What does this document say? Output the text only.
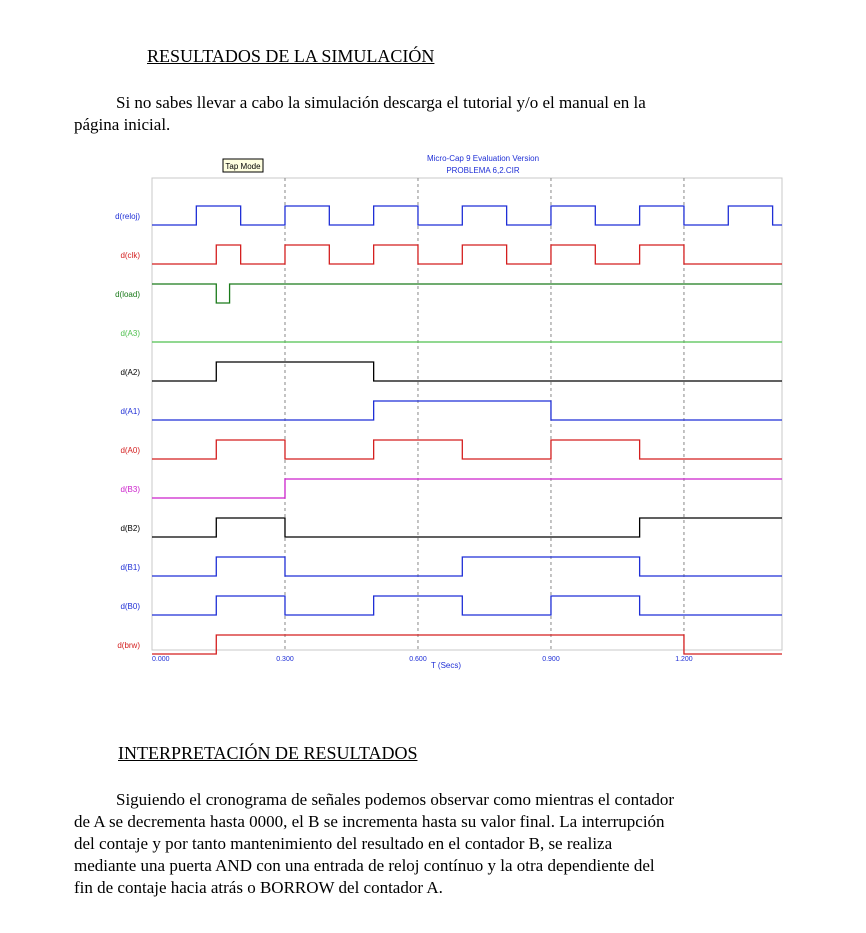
RESULTADOS DE LA SIMULACIÓN

Si no sabes llevar a cabo la simulación descarga el tutorial y/o el manual en la

página inicial.

d(reloj)
d(clk)
d(load)
d(A3)
d(A2)
d(A1)
d(A0)
d(B3)
d(B2)
d(B1)
d(B0)
d(brw)
0.000	0.300	0.600	0.900	1.200
Micro-Cap 9 Evaluation Version
PROBLEMA 6,2.CIR
Tap Mode
T (Secs)
INTERPRETACIÓN DE RESULTADOS

Siguiendo el cronograma de señales podemos observar como mientras el contador

de A se decrementa hasta 0000, el B se incrementa hasta su valor final. La interrupción

del contaje y por tanto mantenimiento del resultado en el contador B, se realiza

mediante una puerta AND con una entrada de reloj contínuo y la otra dependiente del

fin de contaje hacia atrás o BORROW del contador A.
